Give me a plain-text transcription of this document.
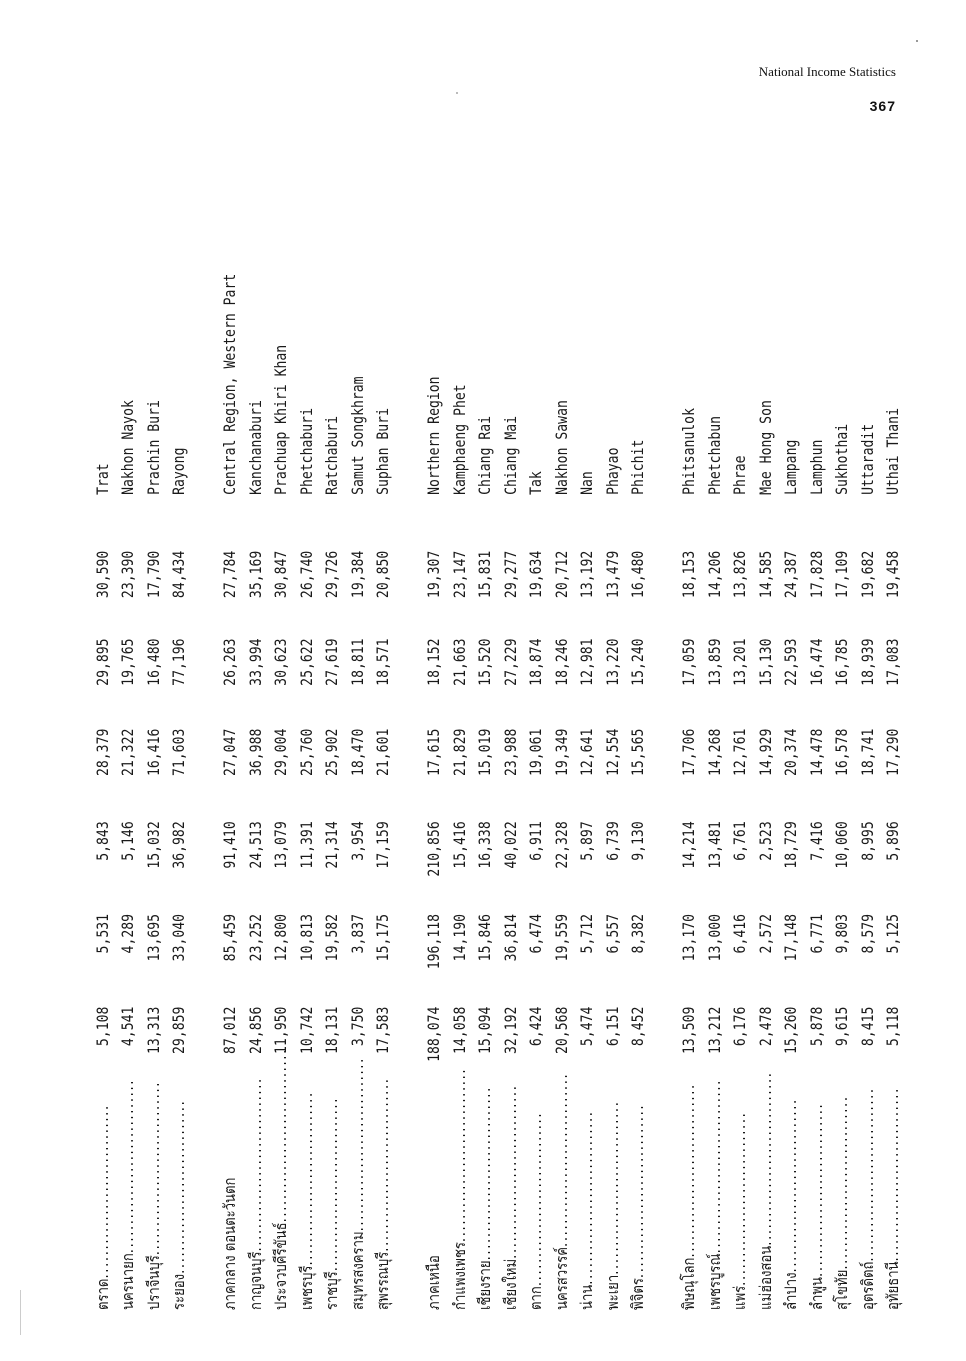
National Income Statistics
367
ตราด..............................
5,108
5,531
5,843
28,379
29,895
30,590
Trat
นครนายก..............................
4,541
4,289
5,146
21,322
19,765
23,390
Nakhon Nayok
ปราจีนบุรี..............................
13,313
13,695
15,032
16,416
16,480
17,790
Prachin Buri
ระยอง..............................
29,859
33,040
36,982
71,603
77,196
84,434
Rayong
ภาคกลาง ตอนตะวันตก
87,012
85,459
91,410
27,047
26,263
27,784
Central Region, Western Part
กาญจนบุรี..............................
24,856
23,252
24,513
36,988
33,994
35,169
Kanchanaburi
ประจวบคีรีขันธ์..............................
11,950
12,800
13,079
29,004
30,623
30,847
Prachuap Khiri Khan
เพชรบุรี..............................
10,742
10,813
11,391
25,760
25,622
26,740
Phetchaburi
ราชบุรี..............................
18,131
19,582
21,314
25,902
27,619
29,726
Ratchaburi
สมุทรสงคราม..............................
3,750
3,837
3,954
18,470
18,811
19,384
Samut Songkhram
สุพรรณบุรี..............................
17,583
15,175
17,159
21,601
18,571
20,850
Suphan Buri
ภาคเหนือ
188,074
196,118
210,856
17,615
18,152
19,307
Northern Region
กำแพงเพชร..............................
14,058
14,190
15,416
21,829
21,663
23,147
Kamphaeng Phet
เชียงราย..............................
15,094
15,846
16,338
15,019
15,520
15,831
Chiang Rai
เชียงใหม่..............................
32,192
36,814
40,022
23,988
27,229
29,277
Chiang Mai
ตาก..............................
6,424
6,474
6,911
19,061
18,874
19,634
Tak
นครสวรรค์..............................
20,568
19,559
22,328
19,349
18,246
20,712
Nakhon Sawan
น่าน..............................
5,474
5,712
5,897
12,641
12,981
13,192
Nan
พะเยา..............................
6,151
6,557
6,739
12,554
13,220
13,479
Phayao
พิจิตร..............................
8,452
8,382
9,130
15,565
15,240
16,480
Phichit
พิษณุโลก..............................
13,509
13,170
14,214
17,706
17,059
18,153
Phitsanulok
เพชรบูรณ์..............................
13,212
13,000
13,481
14,268
13,859
14,206
Phetchabun
แพร่..............................
6,176
6,416
6,761
12,761
13,201
13,826
Phrae
แม่ฮ่องสอน..............................
2,478
2,572
2,523
14,929
15,130
14,585
Mae Hong Son
ลำปาง..............................
15,260
17,148
18,729
20,374
22,593
24,387
Lampang
ลำพูน..............................
5,878
6,771
7,416
14,478
16,474
17,828
Lamphun
สุโขทัย..............................
9,615
9,803
10,060
16,578
16,785
17,109
Sukhothai
อุตรดิตถ์..............................
8,415
8,579
8,995
18,741
18,939
19,682
Uttaradit
อุทัยธานี..............................
5,118
5,125
5,896
17,290
17,083
19,458
Uthai Thani
